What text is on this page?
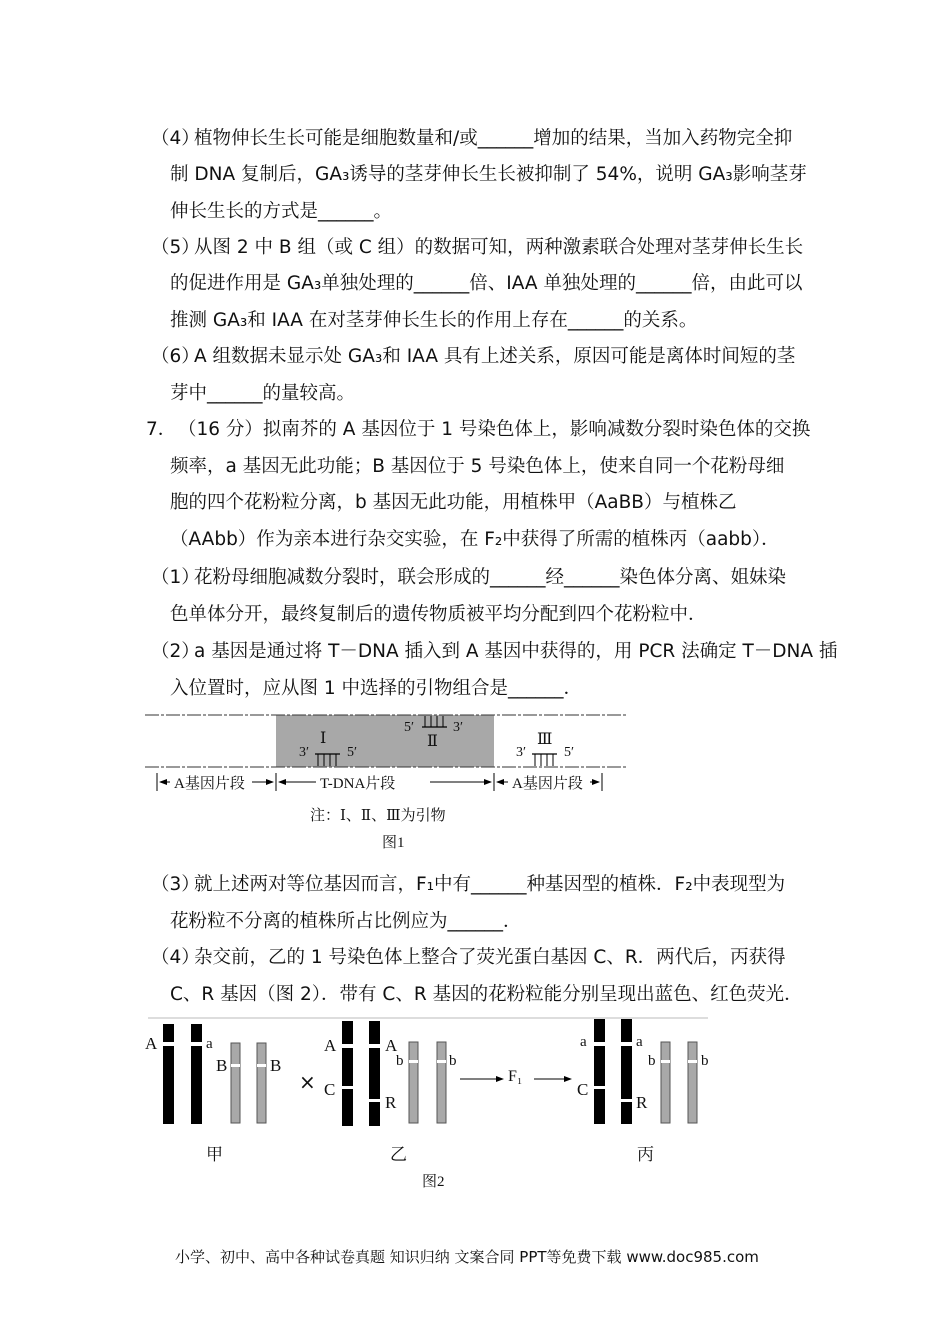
（4）
植物伸长生长可能是细胞数量和/或______增加的结果，当加入药物完全抑
制 DNA 复制后，GA₃诱导的茎芽伸长生长被抑制了 54%，说明 GA₃影响茎芽
伸长生长的方式是______。
（5）
从图 2 中 B 组（或 C 组）的数据可知，两种激素联合处理对茎芽伸长生长
的促进作用是 GA₃单独处理的______倍、IAA 单独处理的______倍，由此可以
推测 GA₃和 IAA 在对茎芽伸长生长的作用上存在______的关系。
（6）
A 组数据未显示处 GA₃和 IAA 具有上述关系，原因可能是离体时间短的茎
芽中______的量较高。
7． （16 分）拟南芥的 A 基因位于 1 号染色体上，影响减数分裂时染色体的交换
频率，a 基因无此功能；B 基因位于 5 号染色体上，使来自同一个花粉母细
胞的四个花粉粒分离，b 基因无此功能，用植株甲（AaBB）与植株乙
（AAbb）作为亲本进行杂交实验，在 F₂中获得了所需的植株丙（aabb）．
（1）
花粉母细胞减数分裂时，联会形成的______经______染色体分离、姐妹染
色单体分开，最终复制后的遗传物质被平均分配到四个花粉粒中．
（2）
a 基因是通过将 T－DNA 插入到 A 基因中获得的，用 PCR 法确定 T－DNA 插
入位置时，应从图 1 中选择的引物组合是______．
Ⅰ
3′	5′
Ⅱ
5′	3′
Ⅲ
3′	5′
A基因片段	T-DNA片段	A基因片段
注：Ⅰ、Ⅱ、Ⅲ为引物
图1
（3）
就上述两对等位基因而言，F₁中有______种基因型的植株．F₂中表现型为
花粉粒不分离的植株所占比例应为______．
（4）
杂交前，乙的 1 号染色体上整合了荧光蛋白基因 C、R．两代后，丙获得
C、R 基因（图 2）．带有 C、R 基因的花粉粒能分别呈现出蓝色、红色荧光．
A	a
B	B
A
C
A
b
R
b
×	F₁
a
C
a
b
R
b
甲	乙	丙
图2
小学、初中、高中各种试卷真题 知识归纳 文案合同 PPT等免费下载 www.doc985.com
